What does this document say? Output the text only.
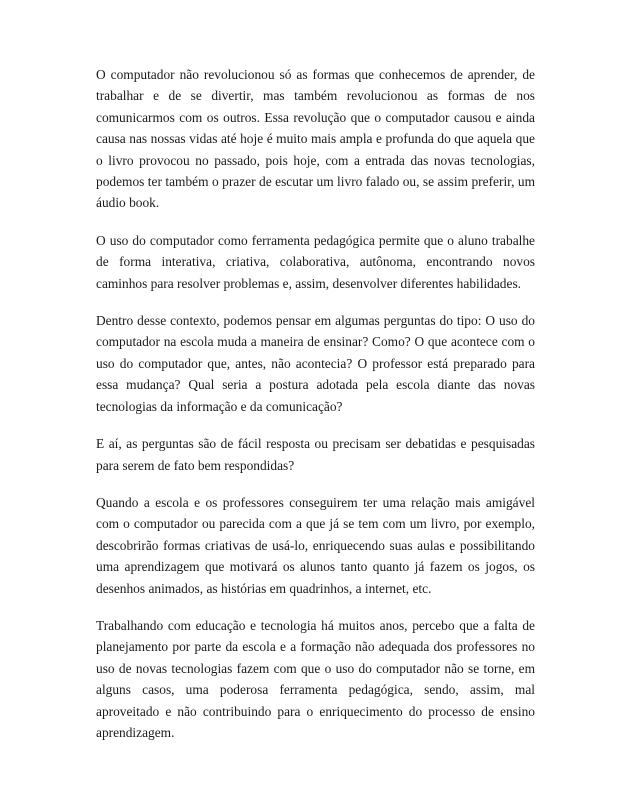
O computador não revolucionou só as formas que conhecemos de aprender, de trabalhar e de se divertir, mas também revolucionou as formas de nos comunicarmos com os outros. Essa revolução que o computador causou e ainda causa nas nossas vidas até hoje é muito mais ampla e profunda do que aquela que o livro provocou no passado, pois hoje, com a entrada das novas tecnologias, podemos ter também o prazer de escutar um livro falado ou, se assim preferir, um áudio book.

O uso do computador como ferramenta pedagógica permite que o aluno trabalhe de forma interativa, criativa, colaborativa, autônoma, encontrando novos caminhos para resolver problemas e, assim, desenvolver diferentes habilidades.

Dentro desse contexto, podemos pensar em algumas perguntas do tipo: O uso do computador na escola muda a maneira de ensinar? Como? O que acontece com o uso do computador que, antes, não acontecia? O professor está preparado para essa mudança? Qual seria a postura adotada pela escola diante das novas tecnologias da informação e da comunicação?

E aí, as perguntas são de fácil resposta ou precisam ser debatidas e pesquisadas para serem de fato bem respondidas?

Quando a escola e os professores conseguirem ter uma relação mais amigável com o computador ou parecida com a que já se tem com um livro, por exemplo, descobrirão formas criativas de usá-lo, enriquecendo suas aulas e possibilitando uma aprendizagem que motivará os alunos tanto quanto já fazem os jogos, os desenhos animados, as histórias em quadrinhos, a internet, etc.

Trabalhando com educação e tecnologia há muitos anos, percebo que a falta de planejamento por parte da escola e a formação não adequada dos professores no uso de novas tecnologias fazem com que o uso do computador não se torne, em alguns casos, uma poderosa ferramenta pedagógica, sendo, assim, mal aproveitado e não contribuindo para o enriquecimento do processo de ensino aprendizagem.
